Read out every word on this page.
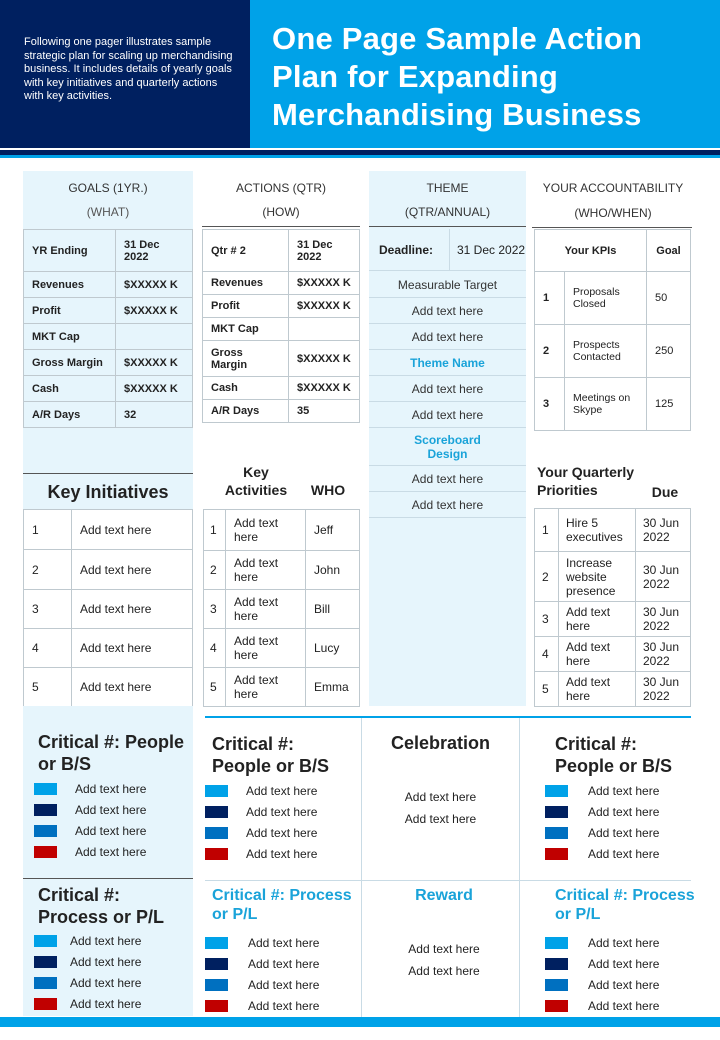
Following one pager illustrates sample strategic plan for scaling up merchandising business. It includes details of yearly goals with key initiatives and quarterly actions with key activities.

One Page Sample Action Plan for Expanding Merchandising Business
GOALS (1YR.)
(WHAT)
YR Ending	31 Dec 2022
Revenues	$XXXXX K
Profit	$XXXXX K
MKT Cap	
Gross Margin	$XXXXX K
Cash	$XXXXX K
A/R Days	32
ACTIONS (QTR)
(HOW)
Qtr # 2	31 Dec 2022
Revenues	$XXXXX K
Profit	$XXXXX K
MKT Cap	
Gross Margin	$XXXXX K
Cash	$XXXXX K
A/R Days	35
THEME
(QTR/ANNUAL)
Deadline:	31 Dec 2022
Measurable Target
Add text here
Add text here
Theme Name
Add text here
Add text here
Scoreboard Design
Add text here
Add text here
YOUR ACCOUNTABILITY
(WHO/WHEN)
Your KPIs		Goal
1	Proposals Closed	50
2	Prospects Contacted	250
3	Meetings on Skype	125
Key Initiatives
1	Add text here
2	Add text here
3	Add text here
4	Add text here
5	Add text here
Key Activities	WHO
1	Add text here	Jeff
2	Add text here	John
3	Add text here	Bill
4	Add text here	Lucy
5	Add text here	Emma
Your Quarterly Priorities	Due
1	Hire 5 executives	30 Jun 2022
2	Increase website presence	30 Jun 2022
3	Add text here	30 Jun 2022
4	Add text here	30 Jun 2022
5	Add text here	30 Jun 2022
Critical #: People or B/S
Add text here
Add text here
Add text here
Add text here
Critical #: Process or P/L
Add text here
Add text here
Add text here
Add text here
Critical #: People or B/S
Add text here
Add text here
Add text here
Add text here
Critical #: Process or P/L
Add text here
Add text here
Add text here
Add text here
Celebration
Add text here
Add text here
Reward
Add text here
Add text here
Critical #: People or B/S
Add text here
Add text here
Add text here
Add text here
Critical #: Process or P/L
Add text here
Add text here
Add text here
Add text here
